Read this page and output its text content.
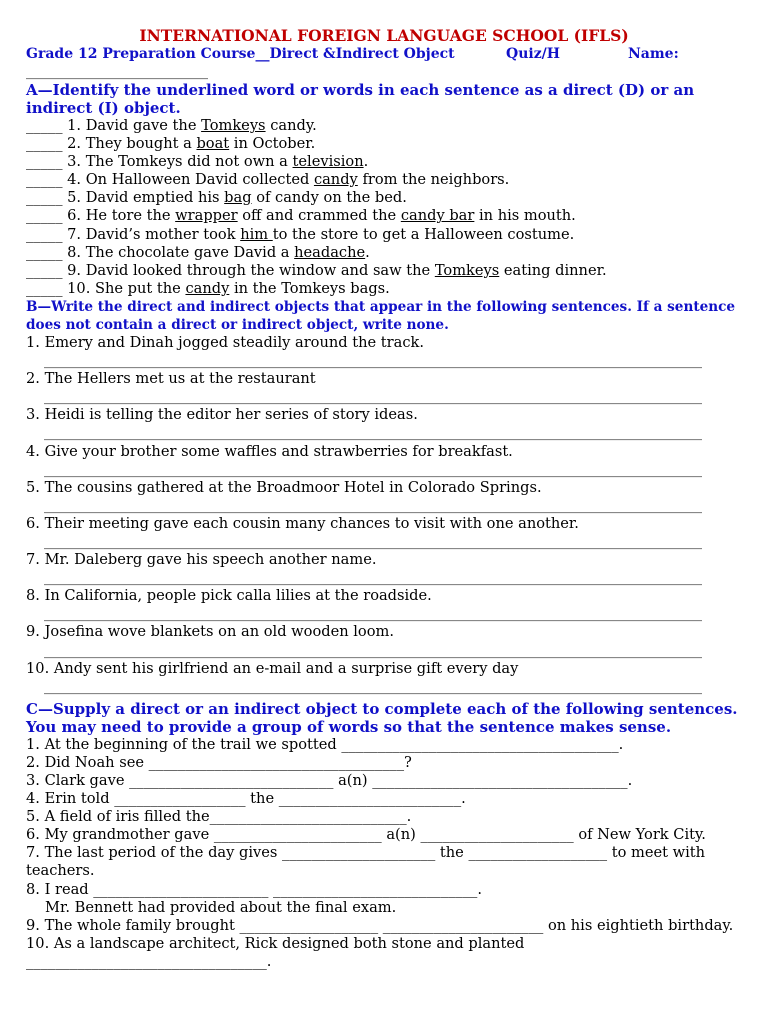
INTERNATIONAL FOREIGN LANGUAGE SCHOOL (IFLS)
Grade 12 Preparation Course__Direct &Indirect Object	Quiz/H	Name:
__________________________
A—Identify the underlined word or words in each sentence as a direct (D) or an indirect (I) object.
_____ 1. David gave the Tomkeys candy.
_____ 2. They bought a boat in October.
_____ 3. The Tomkeys did not own a television.
_____ 4. On Halloween David collected candy from the neighbors.
_____ 5. David emptied his bag of candy on the bed.
_____ 6. He tore the wrapper off and crammed the candy bar in his mouth.
_____ 7. David’s mother took him to the store to get a Halloween costume.
_____ 8. The chocolate gave David a headache.
_____ 9. David looked through the window and saw the Tomkeys eating dinner.
_____ 10. She put the candy in the Tomkeys bags.
B—Write the direct and indirect objects that appear in the following sentences. If a sentence does not contain a direct or indirect object, write none.
1. Emery and Dinah jogged steadily around the track.
______________________________________________________________________________________________
2. The Hellers met us at the restaurant
______________________________________________________________________________________________
3. Heidi is telling the editor her series of story ideas.
______________________________________________________________________________________________
4. Give your brother some waffles and strawberries for breakfast.
______________________________________________________________________________________________
5. The cousins gathered at the Broadmoor Hotel in Colorado Springs.
______________________________________________________________________________________________
6. Their meeting gave each cousin many chances to visit with one another.
______________________________________________________________________________________________
7. Mr. Daleberg gave his speech another name.
______________________________________________________________________________________________
8. In California, people pick calla lilies at the roadside.
______________________________________________________________________________________________
9. Josefina wove blankets on an old wooden loom.
______________________________________________________________________________________________
10. Andy sent his girlfriend an e-mail and a surprise gift every day
______________________________________________________________________________________________
C—Supply a direct or an indirect object to complete each of the following sentences. You may need to provide a group of words so that the sentence makes sense.
1. At the beginning of the trail we spotted ______________________________________.
2. Did Noah see ___________________________________?
3. Clark gave ____________________________ a(n) ___________________________________.
4. Erin told __________________ the _________________________.
5. A field of iris filled the___________________________.
6. My grandmother gave _______________________ a(n) _____________________ of New York City.
7. The last period of the day gives _____________________ the ___________________ to meet with teachers.
8. I read ________________________ ____________________________.
Mr. Bennett had provided about the final exam.
9. The whole family brought ___________________ ______________________ on his eightieth birthday.
10. As a landscape architect, Rick designed both stone and planted
_________________________________.
